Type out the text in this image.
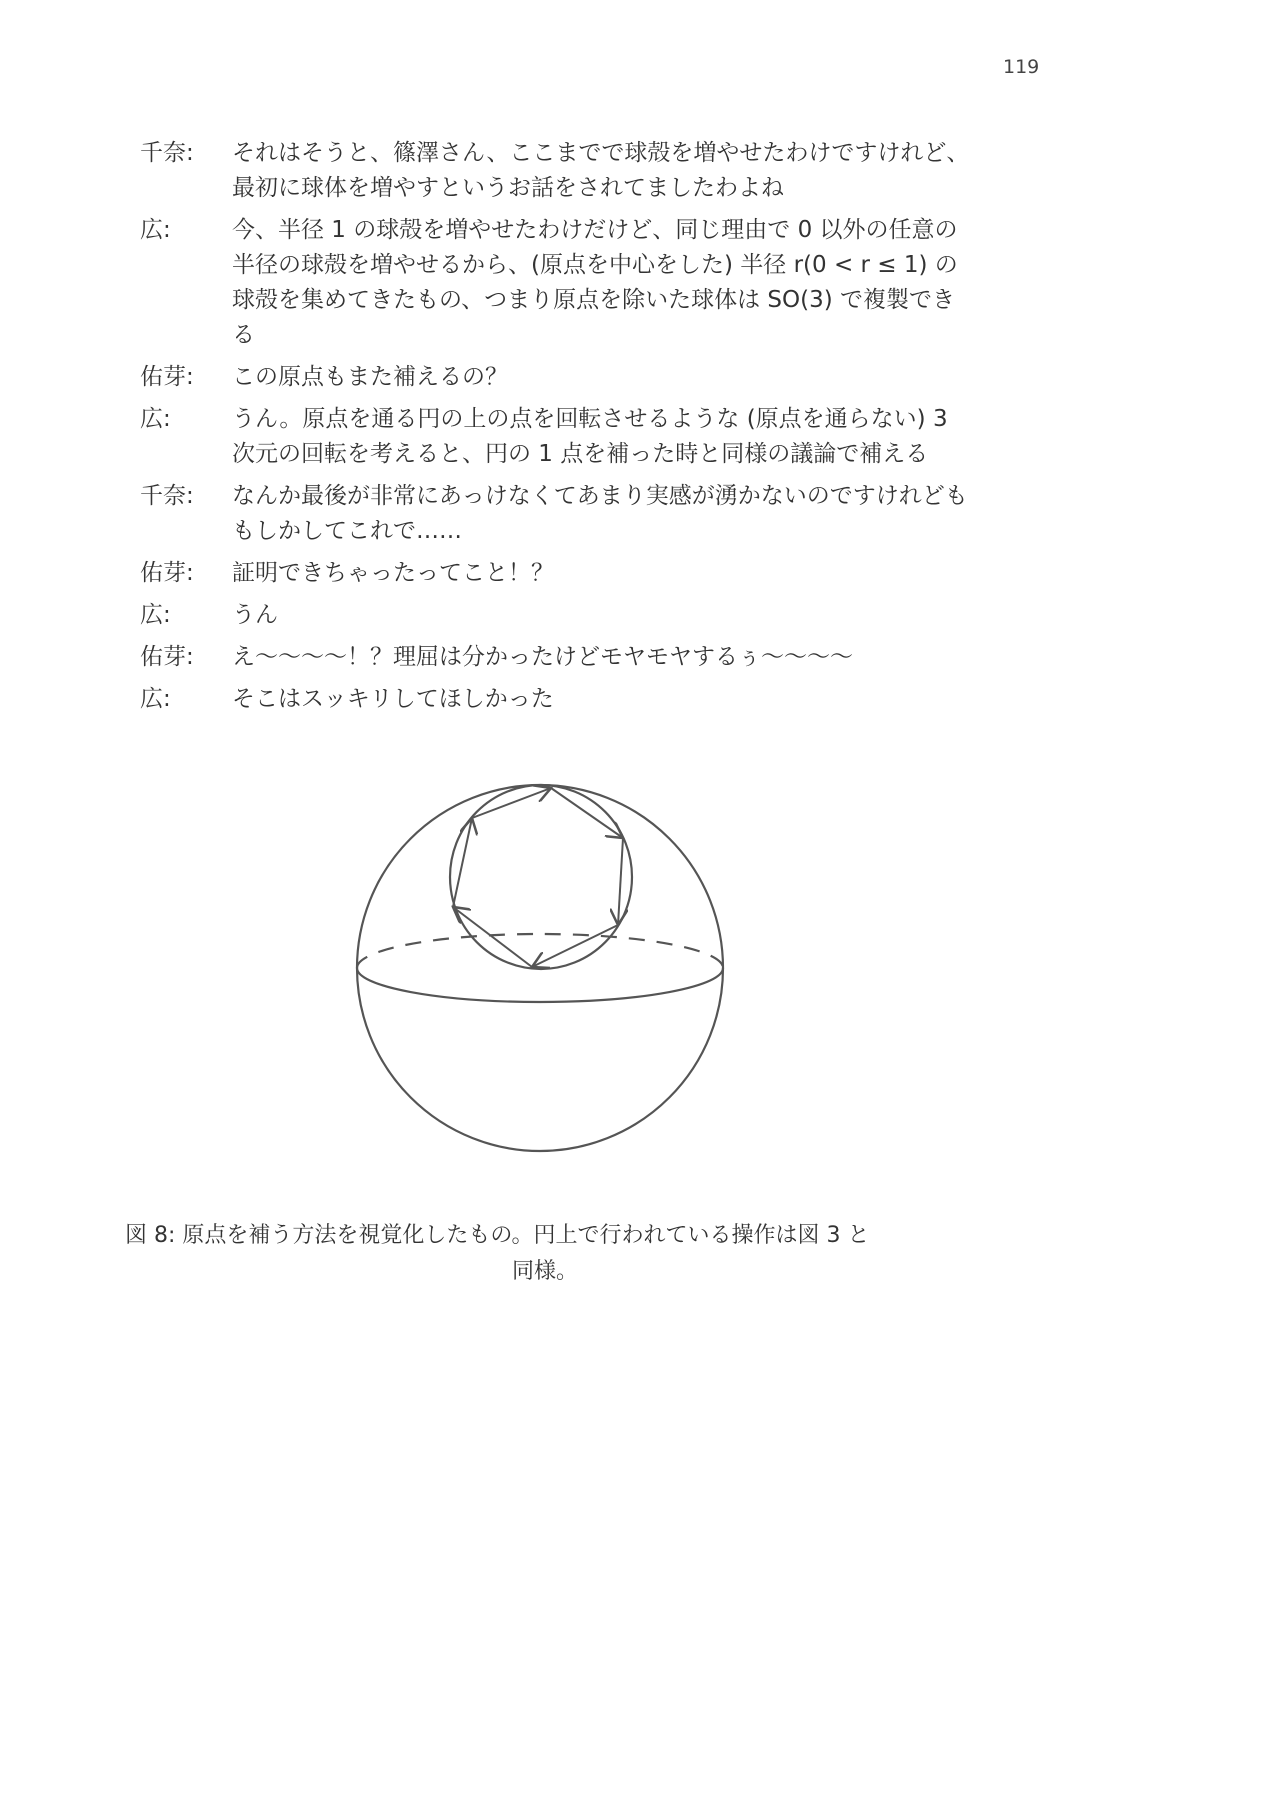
119
千奈:	それはそうと、篠澤さん、ここまでで球殻を増やせたわけですけれど、最初に球体を増やすというお話をされてましたわよね
広:	今、半径 1 の球殻を増やせたわけだけど、同じ理由で 0 以外の任意の半径の球殻を増やせるから、(原点を中心をした) 半径 r(0 < r ≤ 1) の球殻を集めてきたもの、つまり原点を除いた球体は SO(3) で複製できる
佑芽:	この原点もまた補えるの？
広:	うん。原点を通る円の上の点を回転させるような (原点を通らない) 3 次元の回転を考えると、円の 1 点を補った時と同様の議論で補える
千奈:	なんか最後が非常にあっけなくてあまり実感が湧かないのですけれどももしかしてこれで……
佑芽:	証明できちゃったってこと！？
広:	うん
佑芽:	え〜〜〜〜！？理屈は分かったけどモヤモヤするぅ〜〜〜〜
広:	そこはスッキリしてほしかった
図 8: 原点を補う方法を視覚化したもの。円上で行われている操作は図 3 と
同様。
